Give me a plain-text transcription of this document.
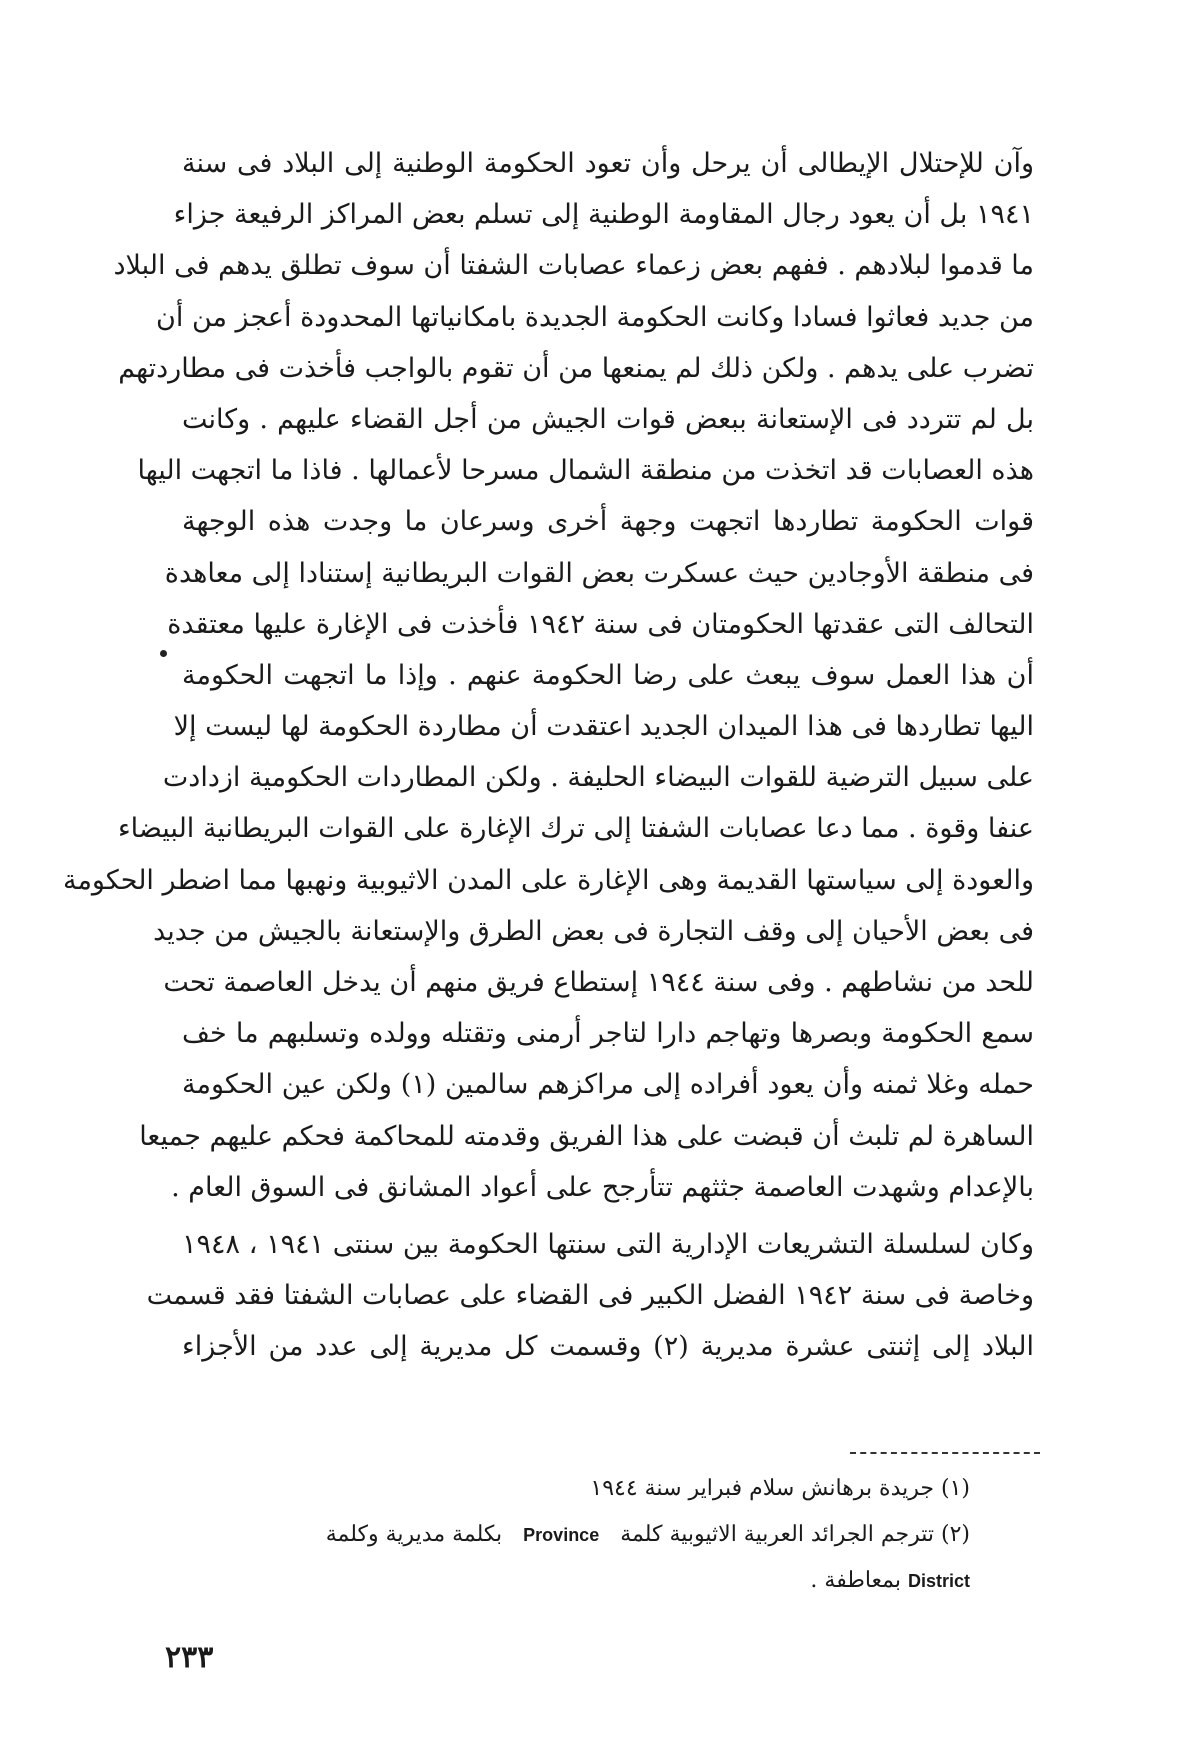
وآن للإحتلال الإيطالى أن يرحل وأن تعود الحكومة الوطنية إلى البلاد فى سنة
١٩٤١ بل أن يعود رجال المقاومة الوطنية إلى تسلم بعض المراكز الرفيعة جزاء
ما قدموا لبلادهم . ففهم بعض زعماء عصابات الشفتا أن سوف تطلق يدهم فى البلاد
من جديد فعاثوا فسادا وكانت الحكومة الجديدة بامكانياتها المحدودة أعجز من أن
تضرب على يدهم . ولكن ذلك لم يمنعها من أن تقوم بالواجب فأخذت فى مطاردتهم
بل لم تتردد فى الإستعانة ببعض قوات الجيش من أجل القضاء عليهم . وكانت
هذه العصابات قد اتخذت من منطقة الشمال مسرحا لأعمالها . فاذا ما اتجهت اليها
قوات الحكومة تطاردها اتجهت وجهة أخرى وسرعان ما وجدت هذه الوجهة
فى منطقة الأوجادين حيث عسكرت بعض القوات البريطانية إستنادا إلى معاهدة
التحالف التى عقدتها الحكومتان فى سنة ١٩٤٢ فأخذت فى الإغارة عليها معتقدة
أن هذا العمل سوف يبعث على رضا الحكومة عنهم . وإذا ما اتجهت الحكومة
اليها تطاردها فى هذا الميدان الجديد اعتقدت أن مطاردة الحكومة لها ليست إلا
على سبيل الترضية للقوات البيضاء الحليفة . ولكن المطاردات الحكومية ازدادت
عنفا وقوة . مما دعا عصابات الشفتا إلى ترك الإغارة على القوات البريطانية البيضاء
والعودة إلى سياستها القديمة وهى الإغارة على المدن الاثيوبية ونهبها مما اضطر الحكومة
فى بعض الأحيان إلى وقف التجارة فى بعض الطرق والإستعانة بالجيش من جديد
للحد من نشاطهم . وفى سنة ١٩٤٤ إستطاع فريق منهم أن يدخل العاصمة تحت
سمع الحكومة وبصرها وتهاجم دارا لتاجر أرمنى وتقتله وولده وتسلبهم ما خف
حمله وغلا ثمنه وأن يعود أفراده إلى مراكزهم سالمين (١) ولكن عين الحكومة
الساهرة لم تلبث أن قبضت على هذا الفريق وقدمته للمحاكمة فحكم عليهم جميعا
بالإعدام وشهدت العاصمة جثثهم تتأرجح على أعواد المشانق فى السوق العام .
وكان لسلسلة التشريعات الإدارية التى سنتها الحكومة بين سنتى ١٩٤١ ، ١٩٤٨
وخاصة فى سنة ١٩٤٢ الفضل الكبير فى القضاء على عصابات الشفتا فقد قسمت
البلاد إلى إثنتى عشرة مديرية (٢) وقسمت كل مديرية إلى عدد من الأجزاء
(١) جريدة برهانش سلام فبراير سنة ١٩٤٤
(٢) تترجم الجرائد العربية الاثيوبية كلمة   Province   بكلمة مديرية وكلمة
District بمعاطفة .
٢٣٣
